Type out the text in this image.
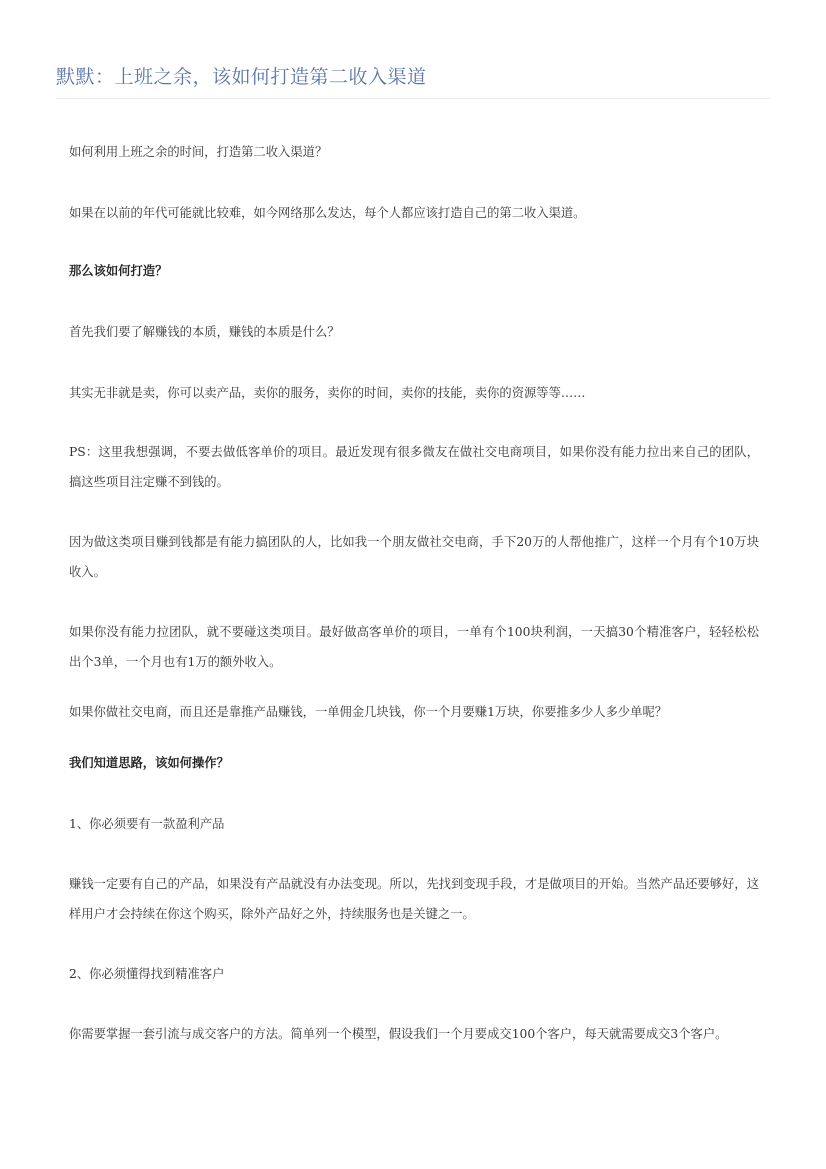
默默：上班之余，该如何打造第二收入渠道

如何利用上班之余的时间，打造第二收入渠道？

如果在以前的年代可能就比较难，如今网络那么发达，每个人都应该打造自己的第二收入渠道。

那么该如何打造？

首先我们要了解赚钱的本质，赚钱的本质是什么？

其实无非就是卖，你可以卖产品，卖你的服务，卖你的时间，卖你的技能，卖你的资源等等……

PS：这里我想强调，不要去做低客单价的项目。最近发现有很多微友在做社交电商项目，如果你没有能力拉出来自己的团队，搞这些项目注定赚不到钱的。

因为做这类项目赚到钱都是有能力搞团队的人，比如我一个朋友做社交电商，手下20万的人帮他推广，这样一个月有个10万块收入。

如果你没有能力拉团队，就不要碰这类项目。最好做高客单价的项目，一单有个100块利润，一天搞30个精准客户，轻轻松松出个3单，一个月也有1万的额外收入。

如果你做社交电商，而且还是靠推产品赚钱，一单佣金几块钱，你一个月要赚1万块，你要推多少人多少单呢？

我们知道思路，该如何操作？

1、你必须要有一款盈利产品

赚钱一定要有自己的产品，如果没有产品就没有办法变现。所以，先找到变现手段，才是做项目的开始。当然产品还要够好，这样用户才会持续在你这个购买，除外产品好之外，持续服务也是关键之一。

2、你必须懂得找到精准客户

你需要掌握一套引流与成交客户的方法。简单列一个模型，假设我们一个月要成交100个客户，每天就需要成交3个客户。
